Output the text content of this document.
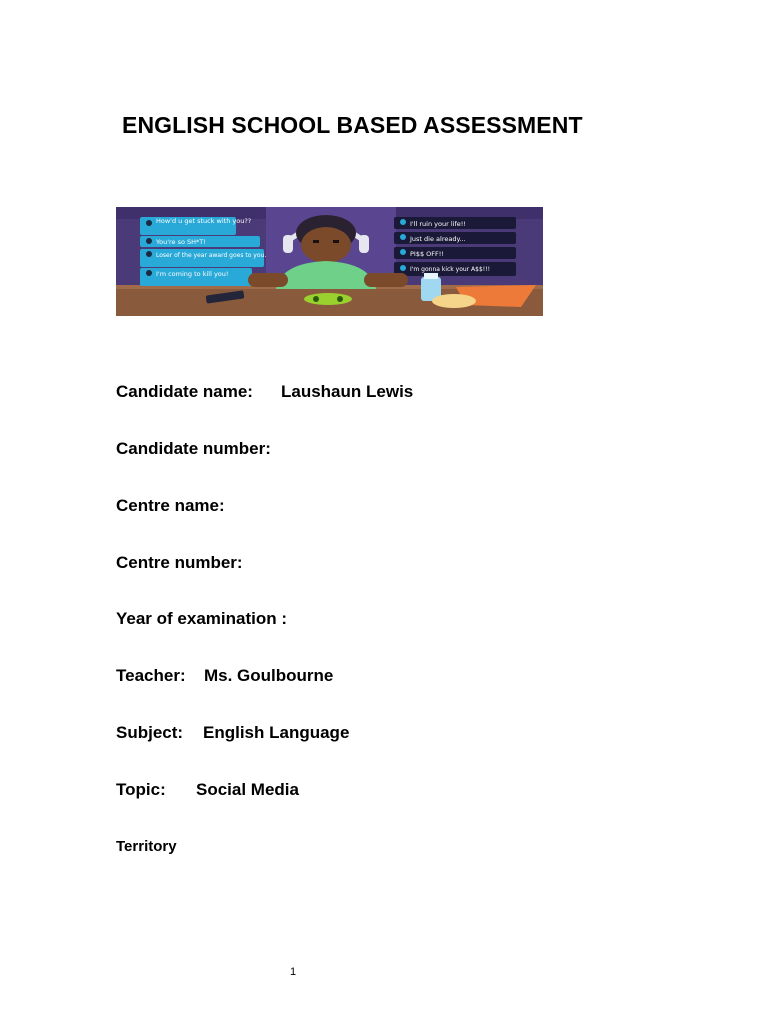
ENGLISH SCHOOL BASED ASSESSMENT
How'd u get stuck with you??
You're so SH*T!
Loser of the year award goes to you.
I'm coming to kill you!
I'll ruin your life!!
Just die already...
PI$$ OFF!!
I'm gonna kick your A$$!!!
Candidate name: Laushaun Lewis
Candidate number:
Centre name:
Centre number:
Year of examination :
Teacher: Ms. Goulbourne
Subject: English Language
Topic: Social Media
Territory
1
